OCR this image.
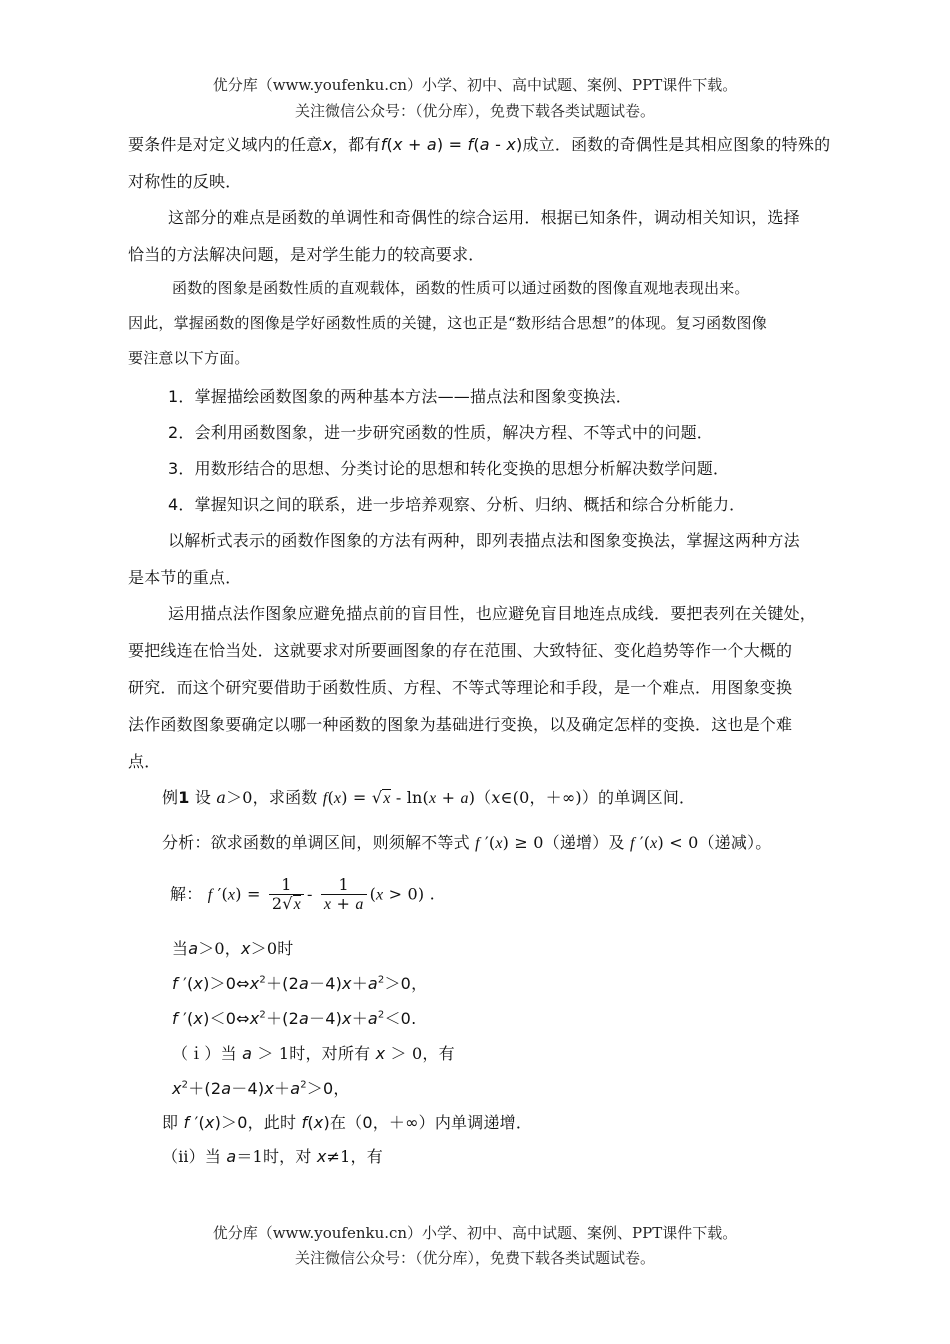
优分库（www.youfenku.cn）小学、初中、高中试题、案例、PPT课件下载。
关注微信公众号：（优分库），免费下载各类试题试卷。
要条件是对定义域内的任意x，都有f(x + a) = f(a - x)成立．函数的奇偶性是其相应图象的特殊的
对称性的反映．
这部分的难点是函数的单调性和奇偶性的综合运用．根据已知条件，调动相关知识，选择
恰当的方法解决问题，是对学生能力的较高要求．
函数的图象是函数性质的直观载体，函数的性质可以通过函数的图像直观地表现出来。
因此，掌握函数的图像是学好函数性质的关键，这也正是“数形结合思想”的体现。复习函数图像
要注意以下方面。
1．掌握描绘函数图象的两种基本方法——描点法和图象变换法．
2．会利用函数图象，进一步研究函数的性质，解决方程、不等式中的问题．
3．用数形结合的思想、分类讨论的思想和转化变换的思想分析解决数学问题．
4．掌握知识之间的联系，进一步培养观察、分析、归纳、概括和综合分析能力．
以解析式表示的函数作图象的方法有两种，即列表描点法和图象变换法，掌握这两种方法
是本节的重点．
运用描点法作图象应避免描点前的盲目性，也应避免盲目地连点成线．要把表列在关键处，
要把线连在恰当处．这就要求对所要画图象的存在范围、大致特征、变化趋势等作一个大概的
研究．而这个研究要借助于函数性质、方程、不等式等理论和手段，是一个难点．用图象变换
法作函数图象要确定以哪一种函数的图象为基础进行变换，以及确定怎样的变换．这也是个难
点．
例1 设 a＞0，求函数 f(x) = √x - ln(x + a)（x∈(0，＋∞)）的单调区间．
分析：欲求函数的单调区间，则须解不等式 f ′(x) ≥ 0（递增）及 f ′(x) < 0（递减）。
解： f $'(x) = \frac{1}{2√x} - \frac{1}{x + a} (x > 0)$ .
当a＞0，x＞0时
f $'(x)>0\Leftrightarrow x^2+(2a-4)x+a^2>0$，
f $'(x)<0\Leftrightarrow x^2+(2a-4)x+a^2<0$.
（ｉ）当 a ＞ 1时，对所有 x ＞ 0，有
$x^2+(2a-4)x+a^2>0$，
即 f ′(x)＞0，此时 f(x)在（0，＋∞）内单调递增．
（ⅱ）当 a＝1时，对 x≠1，有
优分库（www.youfenku.cn）小学、初中、高中试题、案例、PPT课件下载。
关注微信公众号：（优分库），免费下载各类试题试卷。
